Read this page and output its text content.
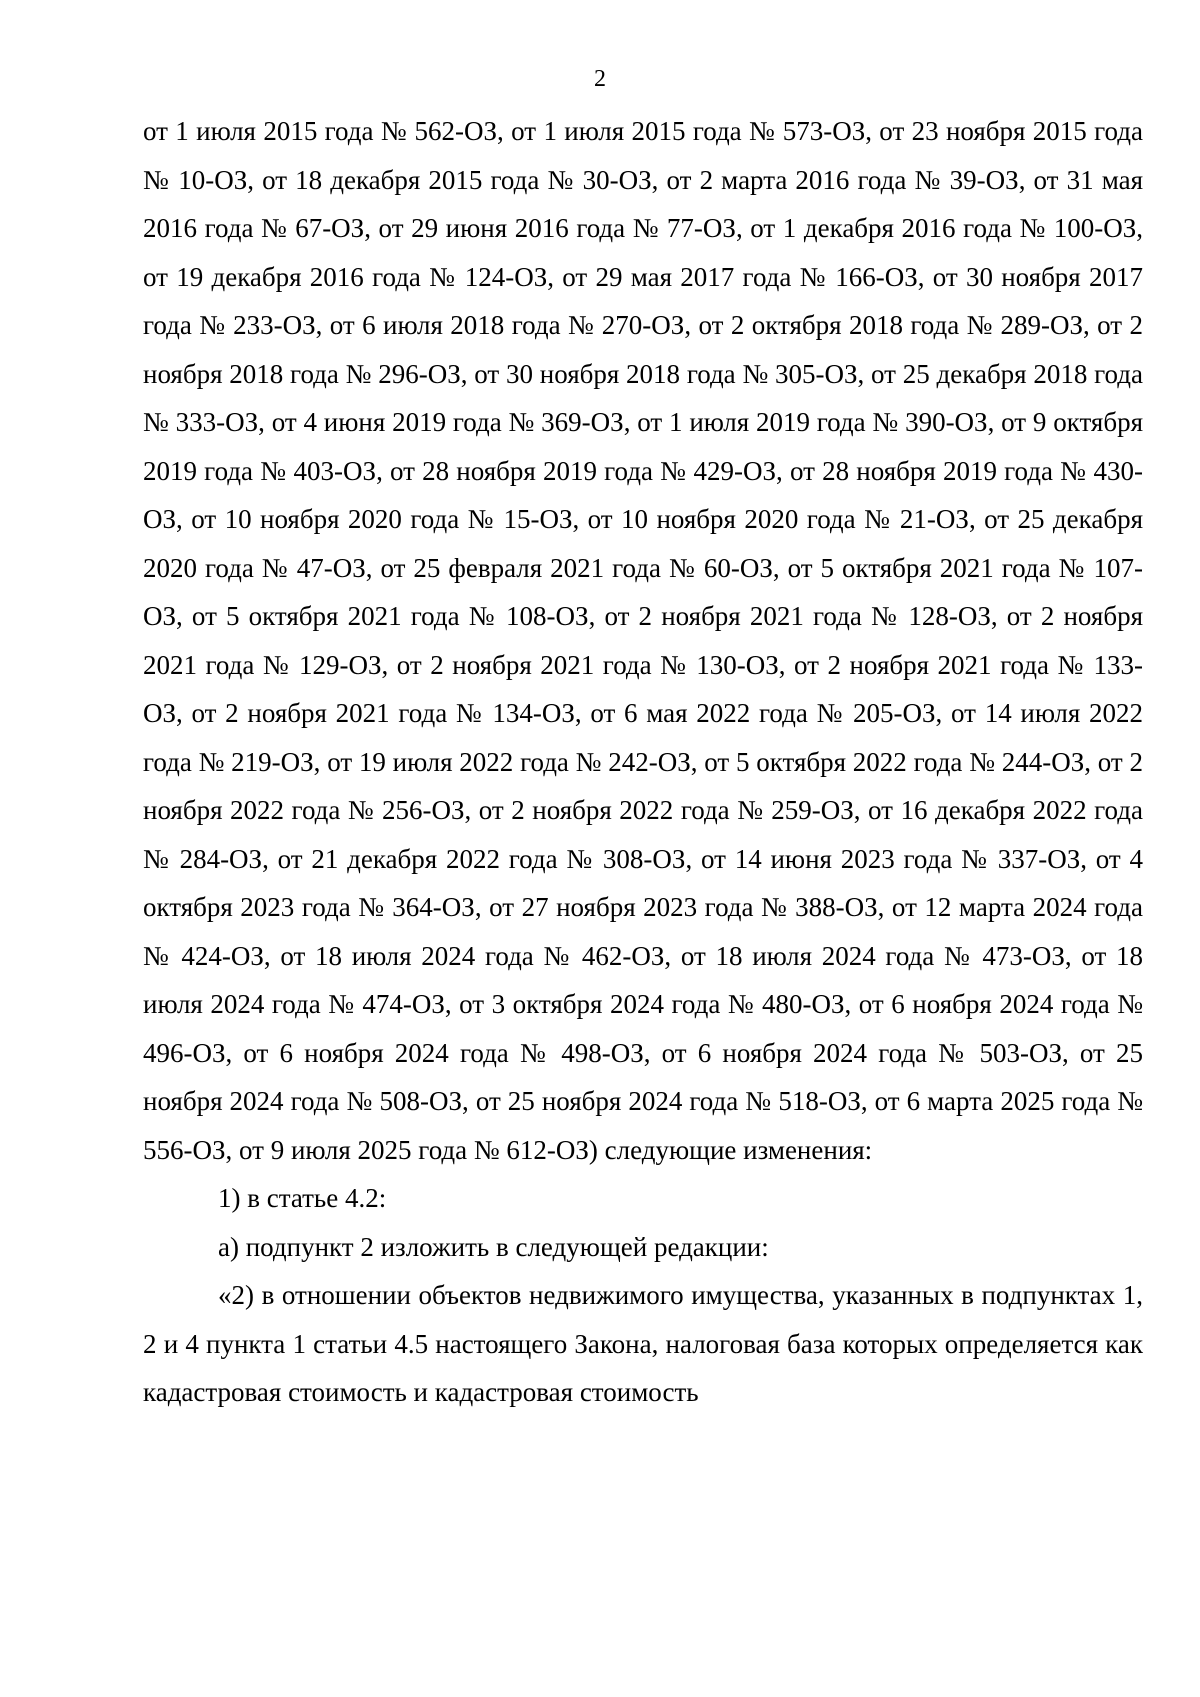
2

от 1 июля 2015 года № 562-ОЗ, от 1 июля 2015 года № 573-ОЗ, от 23 ноября 2015 года № 10-ОЗ, от 18 декабря 2015 года № 30-ОЗ, от 2 марта 2016 года № 39-ОЗ, от 31 мая 2016 года № 67-ОЗ, от 29 июня 2016 года № 77-ОЗ, от 1 декабря 2016 года № 100-ОЗ, от 19 декабря 2016 года № 124-ОЗ, от 29 мая 2017 года № 166-ОЗ, от 30 ноября 2017 года № 233-ОЗ, от 6 июля 2018 года № 270-ОЗ, от 2 октября 2018 года № 289-ОЗ, от 2 ноября 2018 года № 296-ОЗ, от 30 ноября 2018 года № 305-ОЗ, от 25 декабря 2018 года № 333-ОЗ, от 4 июня 2019 года № 369-ОЗ, от 1 июля 2019 года № 390-ОЗ, от 9 октября 2019 года № 403-ОЗ, от 28 ноября 2019 года № 429-ОЗ, от 28 ноября 2019 года № 430-ОЗ, от 10 ноября 2020 года № 15-ОЗ, от 10 ноября 2020 года № 21-ОЗ, от 25 декабря 2020 года № 47-ОЗ, от 25 февраля 2021 года № 60-ОЗ, от 5 октября 2021 года № 107-ОЗ, от 5 октября 2021 года № 108-ОЗ, от 2 ноября 2021 года № 128-ОЗ, от 2 ноября 2021 года № 129-ОЗ, от 2 ноября 2021 года № 130-ОЗ, от 2 ноября 2021 года № 133-ОЗ, от 2 ноября 2021 года № 134-ОЗ, от 6 мая 2022 года № 205-ОЗ, от 14 июля 2022 года № 219-ОЗ, от 19 июля 2022 года № 242-ОЗ, от 5 октября 2022 года № 244-ОЗ, от 2 ноября 2022 года № 256-ОЗ, от 2 ноября 2022 года № 259-ОЗ, от 16 декабря 2022 года № 284-ОЗ, от 21 декабря 2022 года № 308-ОЗ, от 14 июня 2023 года № 337-ОЗ, от 4 октября 2023 года № 364-ОЗ, от 27 ноября 2023 года № 388-ОЗ, от 12 марта 2024 года № 424-ОЗ, от 18 июля 2024 года № 462-ОЗ, от 18 июля 2024 года № 473-ОЗ, от 18 июля 2024 года № 474-ОЗ, от 3 октября 2024 года № 480-ОЗ, от 6 ноября 2024 года № 496-ОЗ, от 6 ноября 2024 года № 498-ОЗ, от 6 ноября 2024 года № 503-ОЗ, от 25 ноября 2024 года № 508-ОЗ, от 25 ноября 2024 года № 518-ОЗ, от 6 марта 2025 года № 556-ОЗ, от 9 июля 2025 года № 612-ОЗ) следующие изменения:

1) в статье 4.2:

а) подпункт 2 изложить в следующей редакции:

«2) в отношении объектов недвижимого имущества, указанных в подпунктах 1, 2 и 4 пункта 1 статьи 4.5 настоящего Закона, налоговая база которых определяется как кадастровая стоимость и кадастровая стоимость
